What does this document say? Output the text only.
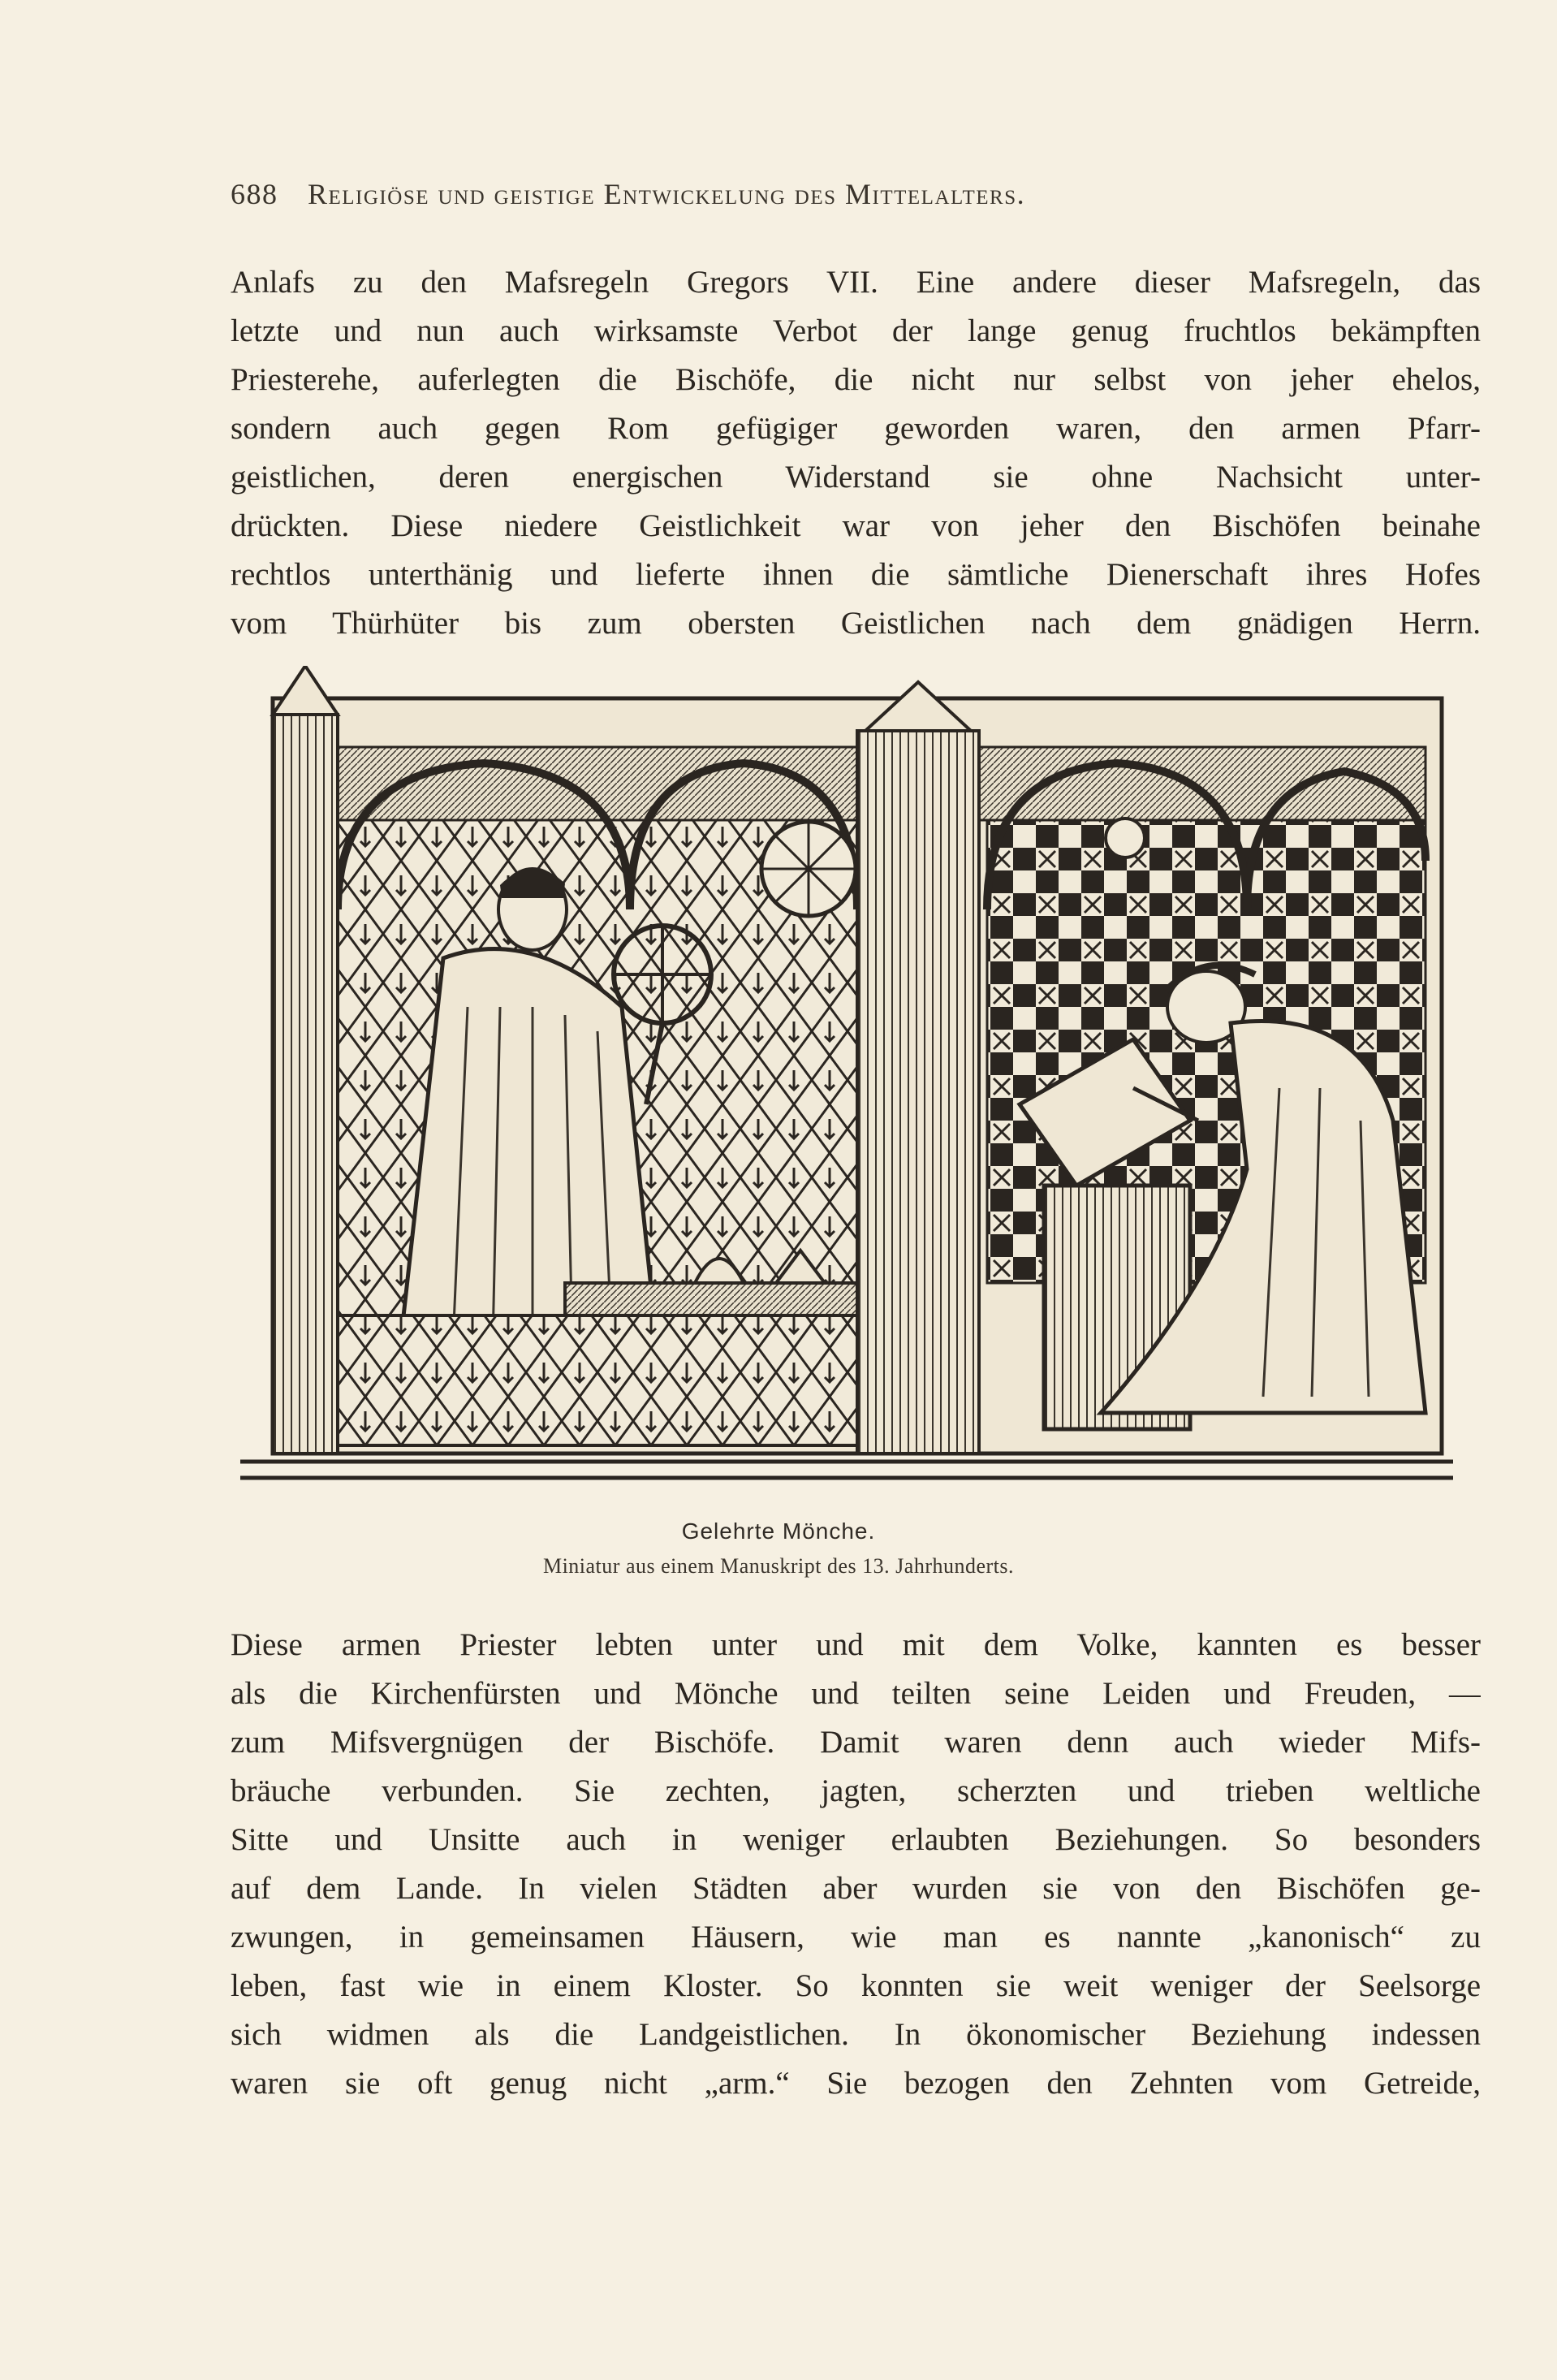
688 Religiöse und geistige Entwickelung des Mittelalters.
Anlafs zu den Mafsregeln Gregors VII. Eine andere dieser Mafsregeln, das
letzte und nun auch wirksamste Verbot der lange genug fruchtlos bekämpften
Priesterehe, auferlegten die Bischöfe, die nicht nur selbst von jeher ehelos,
sondern auch gegen Rom gefügiger geworden waren, den armen Pfarr-
geistlichen, deren energischen Widerstand sie ohne Nachsicht unter-
drückten. Diese niedere Geistlichkeit war von jeher den Bischöfen beinahe
rechtlos unterthänig und lieferte ihnen die sämtliche Dienerschaft ihres Hofes
vom Thürhüter bis zum obersten Geistlichen nach dem gnädigen Herrn.
Gelehrte Mönche.
Miniatur aus einem Manuskript des 13. Jahrhunderts.
Diese armen Priester lebten unter und mit dem Volke, kannten es besser
als die Kirchenfürsten und Mönche und teilten seine Leiden und Freuden, —
zum Mifsvergnügen der Bischöfe. Damit waren denn auch wieder Mifs-
bräuche verbunden. Sie zechten, jagten, scherzten und trieben weltliche
Sitte und Unsitte auch in weniger erlaubten Beziehungen. So besonders
auf dem Lande. In vielen Städten aber wurden sie von den Bischöfen ge-
zwungen, in gemeinsamen Häusern, wie man es nannte „kanonisch“ zu
leben, fast wie in einem Kloster. So konnten sie weit weniger der Seelsorge
sich widmen als die Landgeistlichen. In ökonomischer Beziehung indessen
waren sie oft genug nicht „arm.“ Sie bezogen den Zehnten vom Getreide,
